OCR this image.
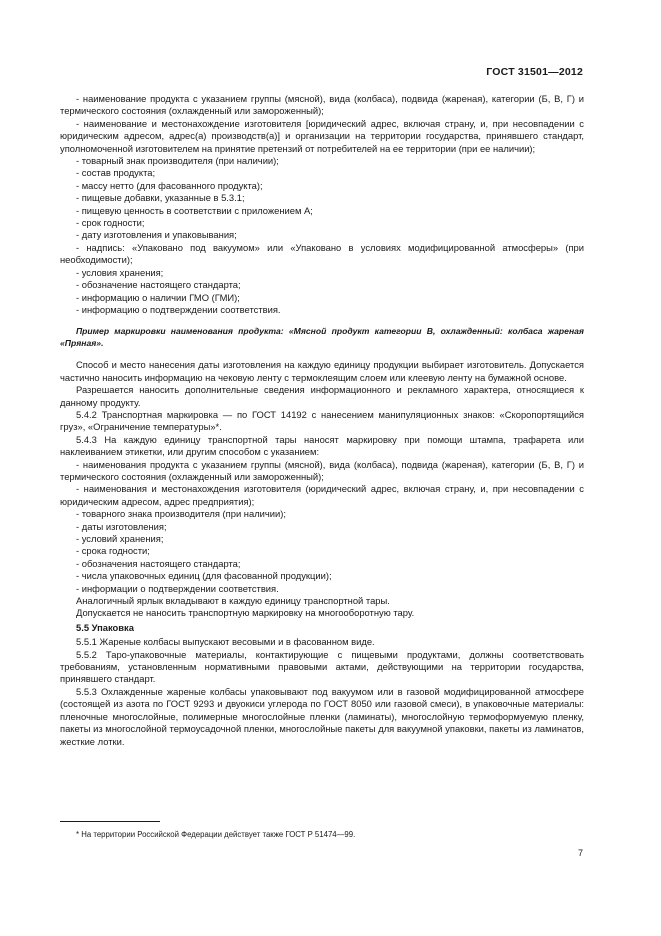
ГОСТ 31501—2012

- наименование продукта с указанием группы (мясной), вида (колбаса), подвида (жареная), категории (Б, В, Г) и термического состояния (охлажденный или замороженный);

- наименование и местонахождение изготовителя [юридический адрес, включая страну, и, при несовпадении с юридическим адресом, адрес(а) производств(а)] и организации на территории государства, принявшего стандарт, уполномоченной изготовителем на принятие претензий от потребителей на ее территории (при ее наличии);

- товарный знак производителя (при наличии);

- состав продукта;

- массу нетто (для фасованного продукта);

- пищевые добавки, указанные в 5.3.1;

- пищевую ценность в соответствии с приложением А;

- срок годности;

- дату изготовления и упаковывания;

- надпись: «Упаковано под вакуумом» или «Упаковано в условиях модифицированной атмосферы» (при необходимости);

- условия хранения;

- обозначение настоящего стандарта;

- информацию о наличии ГМО (ГМИ);

- информацию о подтверждении соответствия.

Пример маркировки наименования продукта: «Мясной продукт категории В, охлажденный: колбаса жареная «Пряная».

Способ и место нанесения даты изготовления на каждую единицу продукции выбирает изготовитель. Допускается частично наносить информацию на чековую ленту с термоклеящим слоем или клеевую ленту на бумажной основе.

Разрешается наносить дополнительные сведения информационного и рекламного характера, относящиеся к данному продукту.

5.4.2 Транспортная маркировка — по ГОСТ 14192 с нанесением манипуляционных знаков: «Скоропортящийся груз», «Ограничение температуры»*.

5.4.3 На каждую единицу транспортной тары наносят маркировку при помощи штампа, трафарета или наклеиванием этикетки, или другим способом с указанием:

- наименования продукта с указанием группы (мясной), вида (колбаса), подвида (жареная), категории (Б, В, Г) и термического состояния (охлажденный или замороженный);

- наименования и местонахождения изготовителя (юридический адрес, включая страну, и, при несовпадении с юридическим адресом, адрес предприятия);

- товарного знака производителя (при наличии);

- даты изготовления;

- условий хранения;

- срока годности;

- обозначения настоящего стандарта;

- числа упаковочных единиц (для фасованной продукции);

- информации о подтверждении соответствия.

Аналогичный ярлык вкладывают в каждую единицу транспортной тары.

Допускается не наносить транспортную маркировку на многооборотную тару.

5.5 Упаковка

5.5.1 Жареные колбасы выпускают весовыми и в фасованном виде.

5.5.2 Таро-упаковочные материалы, контактирующие с пищевыми продуктами, должны соответствовать требованиям, установленным нормативными правовыми актами, действующими на территории государства, принявшего стандарт.

5.5.3 Охлажденные жареные колбасы упаковывают под вакуумом или в газовой модифицированной атмосфере (состоящей из азота по ГОСТ 9293 и двуокиси углерода по ГОСТ 8050 или газовой смеси), в упаковочные материалы: пленочные многослойные, полимерные многослойные пленки (ламинаты), многослойную термоформуемую пленку, пакеты из многослойной термоусадочной пленки, многослойные пакеты для вакуумной упаковки, пакеты из ламинатов, жесткие лотки.

* На территории Российской Федерации действует также ГОСТ Р 51474—99.
7
